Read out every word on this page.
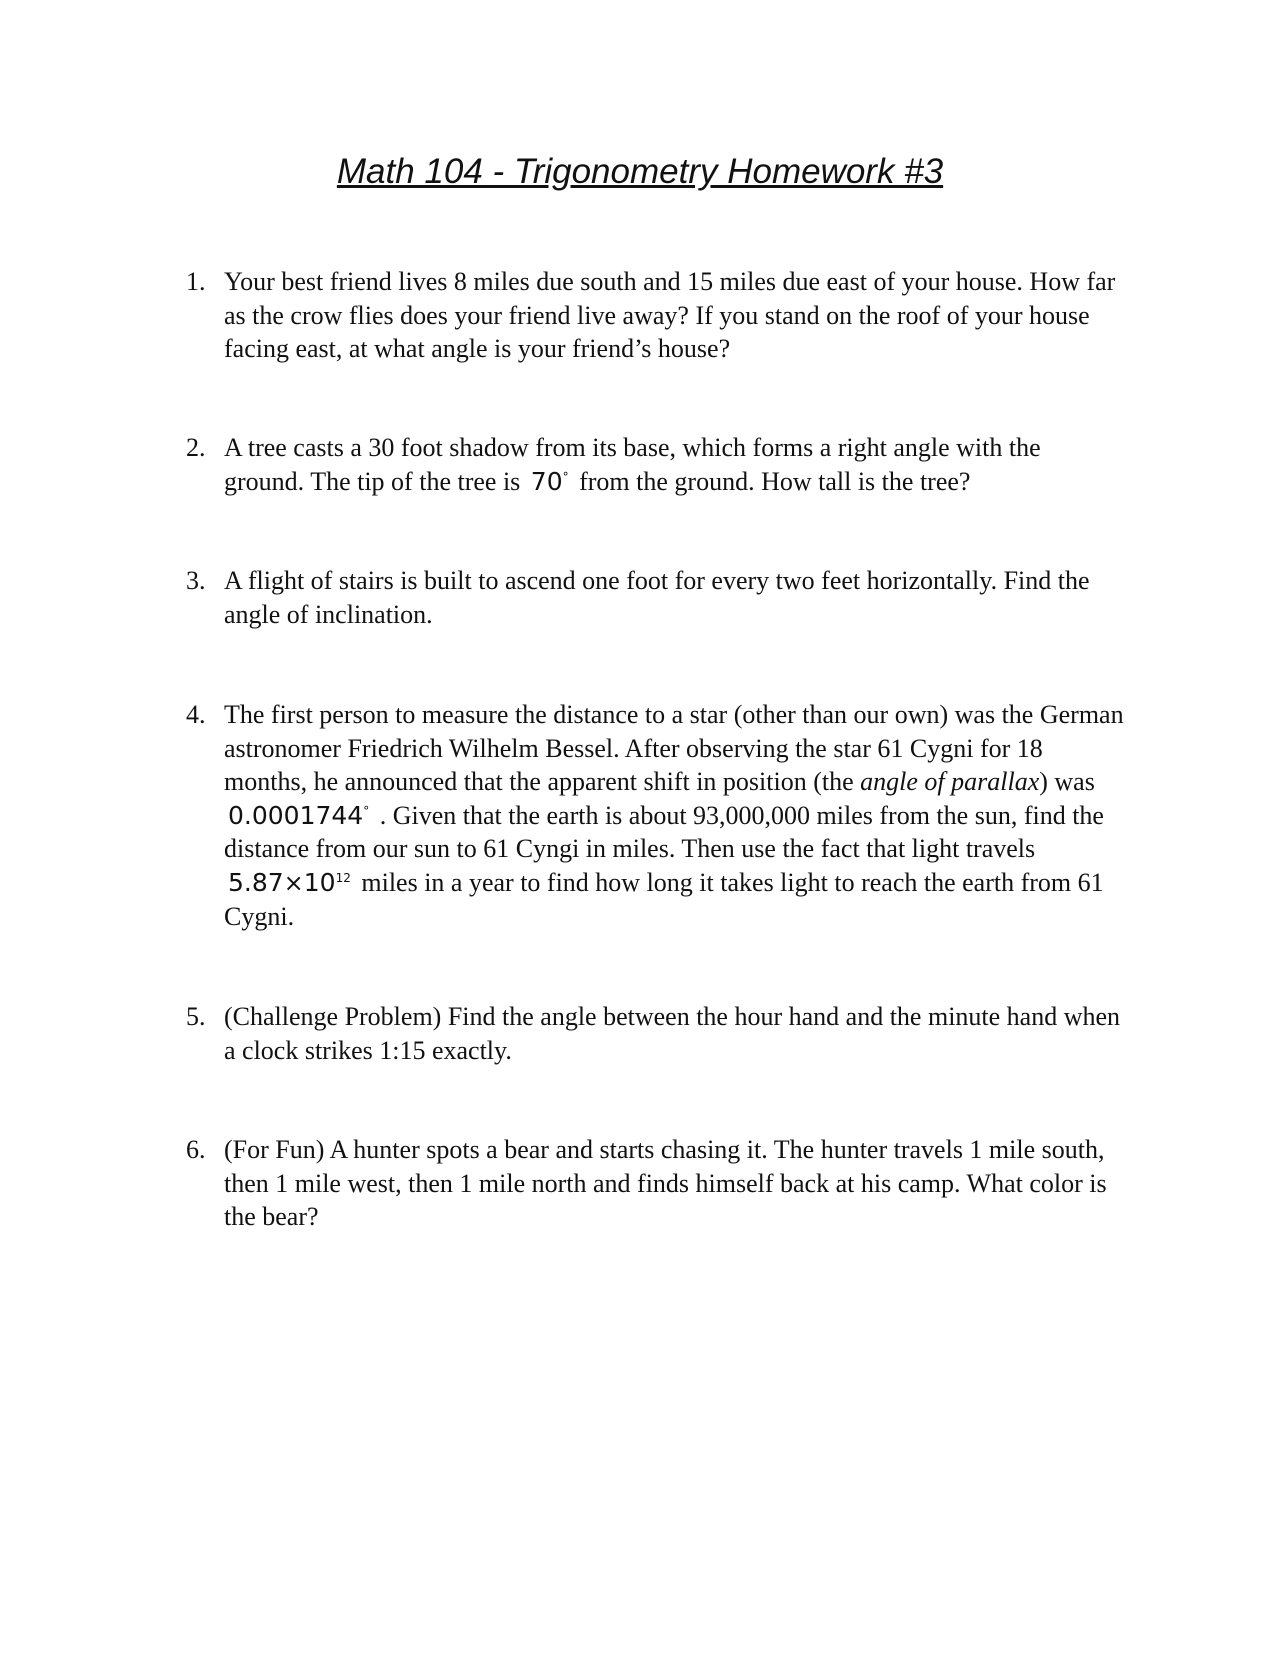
Math 104 - Trigonometry Homework #3
1. Your best friend lives 8 miles due south and 15 miles due east of your house. How far as the crow flies does your friend live away? If you stand on the roof of your house facing east, at what angle is your friend’s house?
2. A tree casts a 30 foot shadow from its base, which forms a right angle with the ground. The tip of the tree is 70° from the ground. How tall is the tree?
3. A flight of stairs is built to ascend one foot for every two feet horizontally. Find the angle of inclination.
4. The first person to measure the distance to a star (other than our own) was the German astronomer Friedrich Wilhelm Bessel. After observing the star 61 Cygni for 18 months, he announced that the apparent shift in position (the angle of parallax) was 0.0001744° . Given that the earth is about 93,000,000 miles from the sun, find the distance from our sun to 61 Cyngi in miles. Then use the fact that light travels $5.87\times 10^{12}$ miles in a year to find how long it takes light to reach the earth from 61 Cygni.
5. (Challenge Problem) Find the angle between the hour hand and the minute hand when a clock strikes 1:15 exactly.
6. (For Fun) A hunter spots a bear and starts chasing it. The hunter travels 1 mile south, then 1 mile west, then 1 mile north and finds himself back at his camp. What color is the bear?
